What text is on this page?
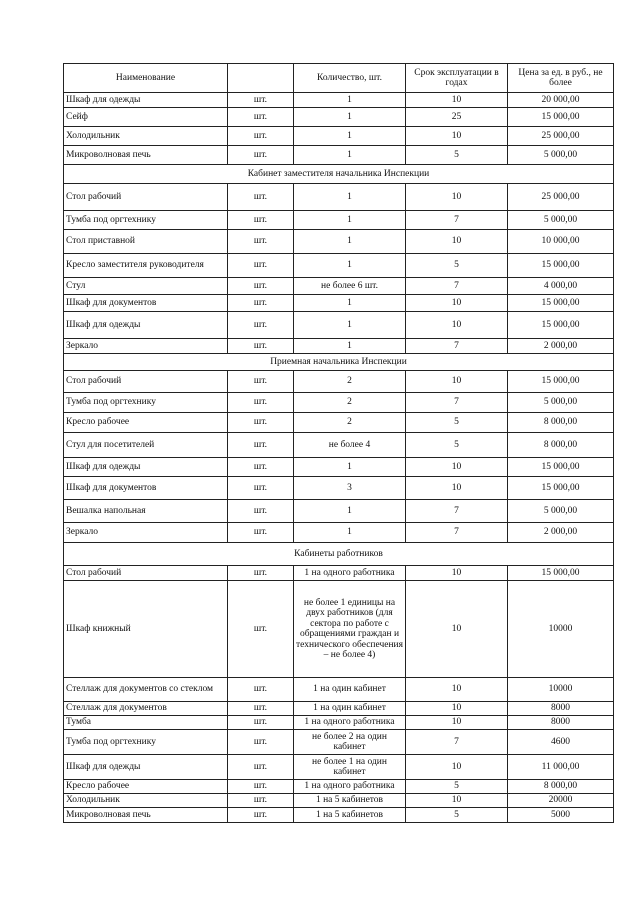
Наименование		Количество, шт.	Срок эксплуатации в годах	Цена за ед. в руб., не более
Шкаф для одежды	шт.	1	10	20 000,00
Сейф	шт.	1	25	15 000,00
Холодильник	шт.	1	10	25 000,00
Микроволновая печь	шт.	1	5	5 000,00
Кабинет заместителя начальника Инспекции				
Стол рабочий	шт.	1	10	25 000,00
Тумба под оргтехнику	шт.	1	7	5 000,00
Стол приставной	шт.	1	10	10 000,00
Кресло заместителя руководителя	шт.	1	5	15 000,00
Стул	шт.	не более 6 шт.	7	4 000,00
Шкаф для документов	шт.	1	10	15 000,00
Шкаф для одежды	шт.	1	10	15 000,00
Зеркало	шт.	1	7	2 000,00
Приемная начальника Инспекции				
Стол рабочий	шт.	2	10	15 000,00
Тумба под оргтехнику	шт.	2	7	5 000,00
Кресло рабочее	шт.	2	5	8 000,00
Стул для посетителей	шт.	не более 4	5	8 000,00
Шкаф для одежды	шт.	1	10	15 000,00
Шкаф для документов	шт.	3	10	15 000,00
Вешалка напольная	шт.	1	7	5 000,00
Зеркало	шт.	1	7	2 000,00
Кабинеты работников				
Стол рабочий	шт.	1 на одного работника	10	15 000,00
Шкаф книжный	шт.	не более 1 единицы на двух работников (для сектора по работе с обращениями граждан и технического обеспечения – не более 4)	10	10000
Стеллаж для документов со стеклом	шт.	1 на один кабинет	10	10000
Стеллаж для документов	шт.	1 на один кабинет	10	8000
Тумба	шт.	1 на одного работника	10	8000
Тумба под оргтехнику	шт.	не более 2 на один кабинет	7	4600
Шкаф для одежды	шт.	не более 1 на один кабинет	10	11 000,00
Кресло рабочее	шт.	1 на одного работника	5	8 000,00
Холодильник	шт.	1 на 5 кабинетов	10	20000
Микроволновая печь	шт.	1 на 5 кабинетов	5	5000
